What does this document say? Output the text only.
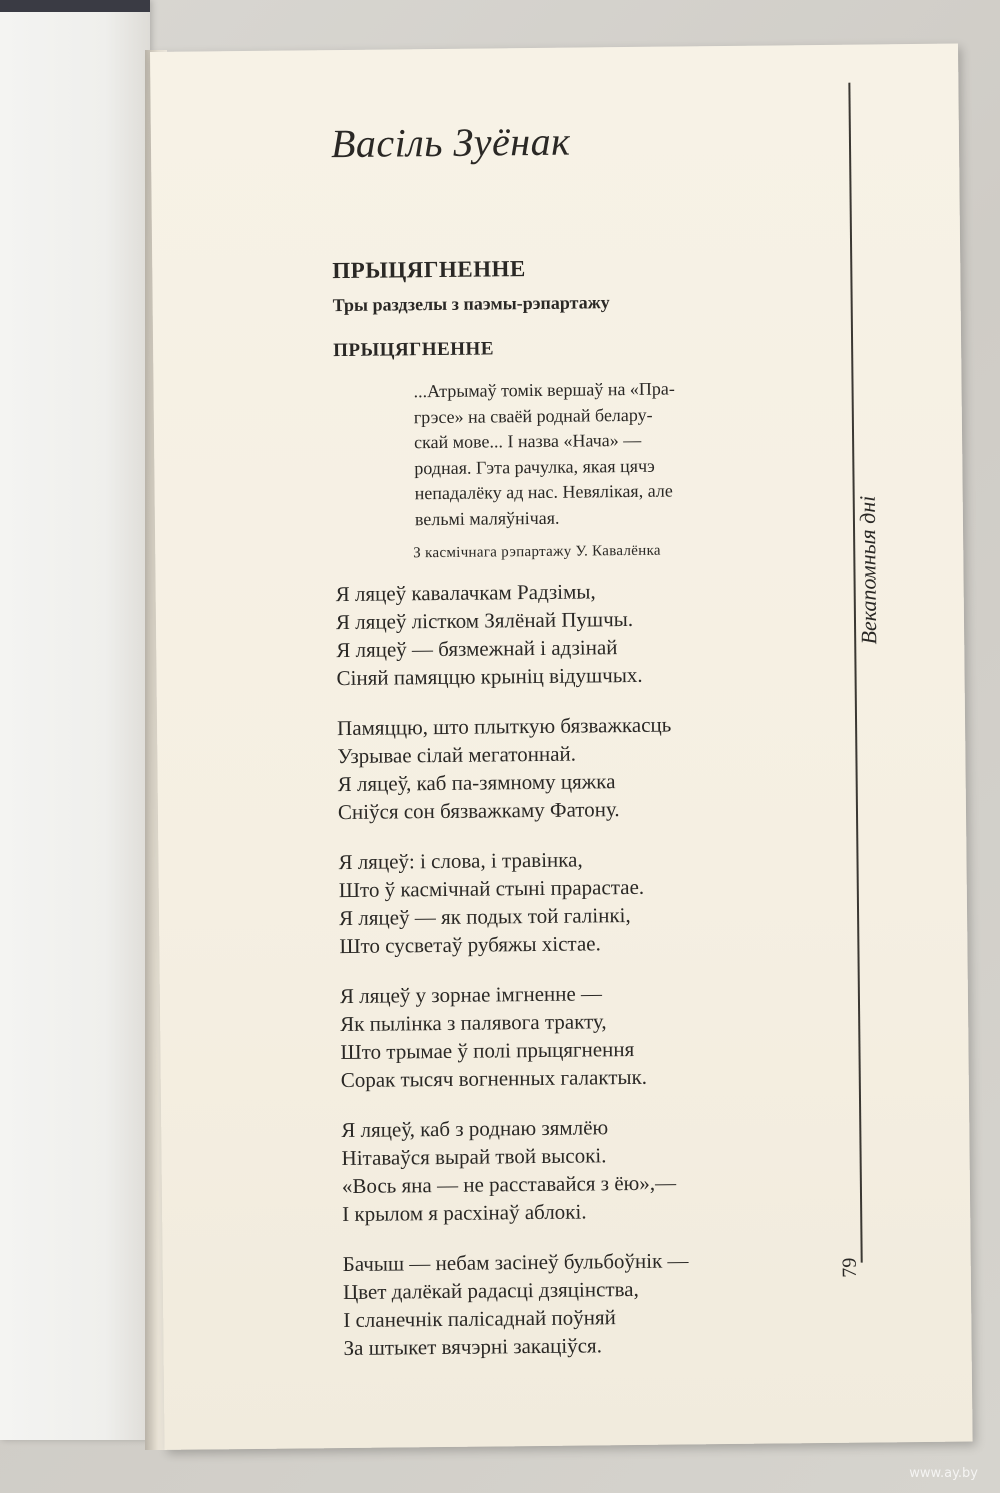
Васіль Зуёнак
ПРЫЦЯГНЕННЕ
Тры раздзелы з паэмы-рэпартажу
ПРЫЦЯГНЕННЕ
...Атрымаў томік вершаў на «Пра-
грэсе» на сваёй роднай белару-
скай мове... І назва «Нача» —
родная. Гэта рачулка, якая цячэ
непадалёку ад нас. Невялікая, але
вельмі маляўнічая.
З касмічнага рэпартажу У. Кавалёнка
Я ляцеў кавалачкам Радзімы,
Я ляцеў лістком Зялёнай Пушчы.
Я ляцеў — бязмежнай і адзінай
Сіняй памяццю крыніц відушчых.
Памяццю, што плыткую бязважкасць
Узрывае сілай мегатоннай.
Я ляцеў, каб па-зямному цяжка
Сніўся сон бязважкаму Фатону.
Я ляцеў: і слова, і травінка,
Што ў касмічнай стыні прарастае.
Я ляцеў — як подых той галінкі,
Што сусветаў рубяжы хістае.
Я ляцеў у зорнае імгненне —
Як пылінка з палявога тракту,
Што трымае ў полі прыцягнення
Сорак тысяч вогненных галактык.
Я ляцеў, каб з роднаю зямлёю
Нітаваўся вырай твой высокі.
«Вось яна — не расставайся з ёю»,—
І крылом я расхінаў аблокі.
Бачыш — небам засінеў бульбоўнік —
Цвет далёкай радасці дзяцінства,
І сланечнік палісаднай поўняй
За штыкет вячэрні закаціўся.
Векапомныя дні
79
www.ay.by
